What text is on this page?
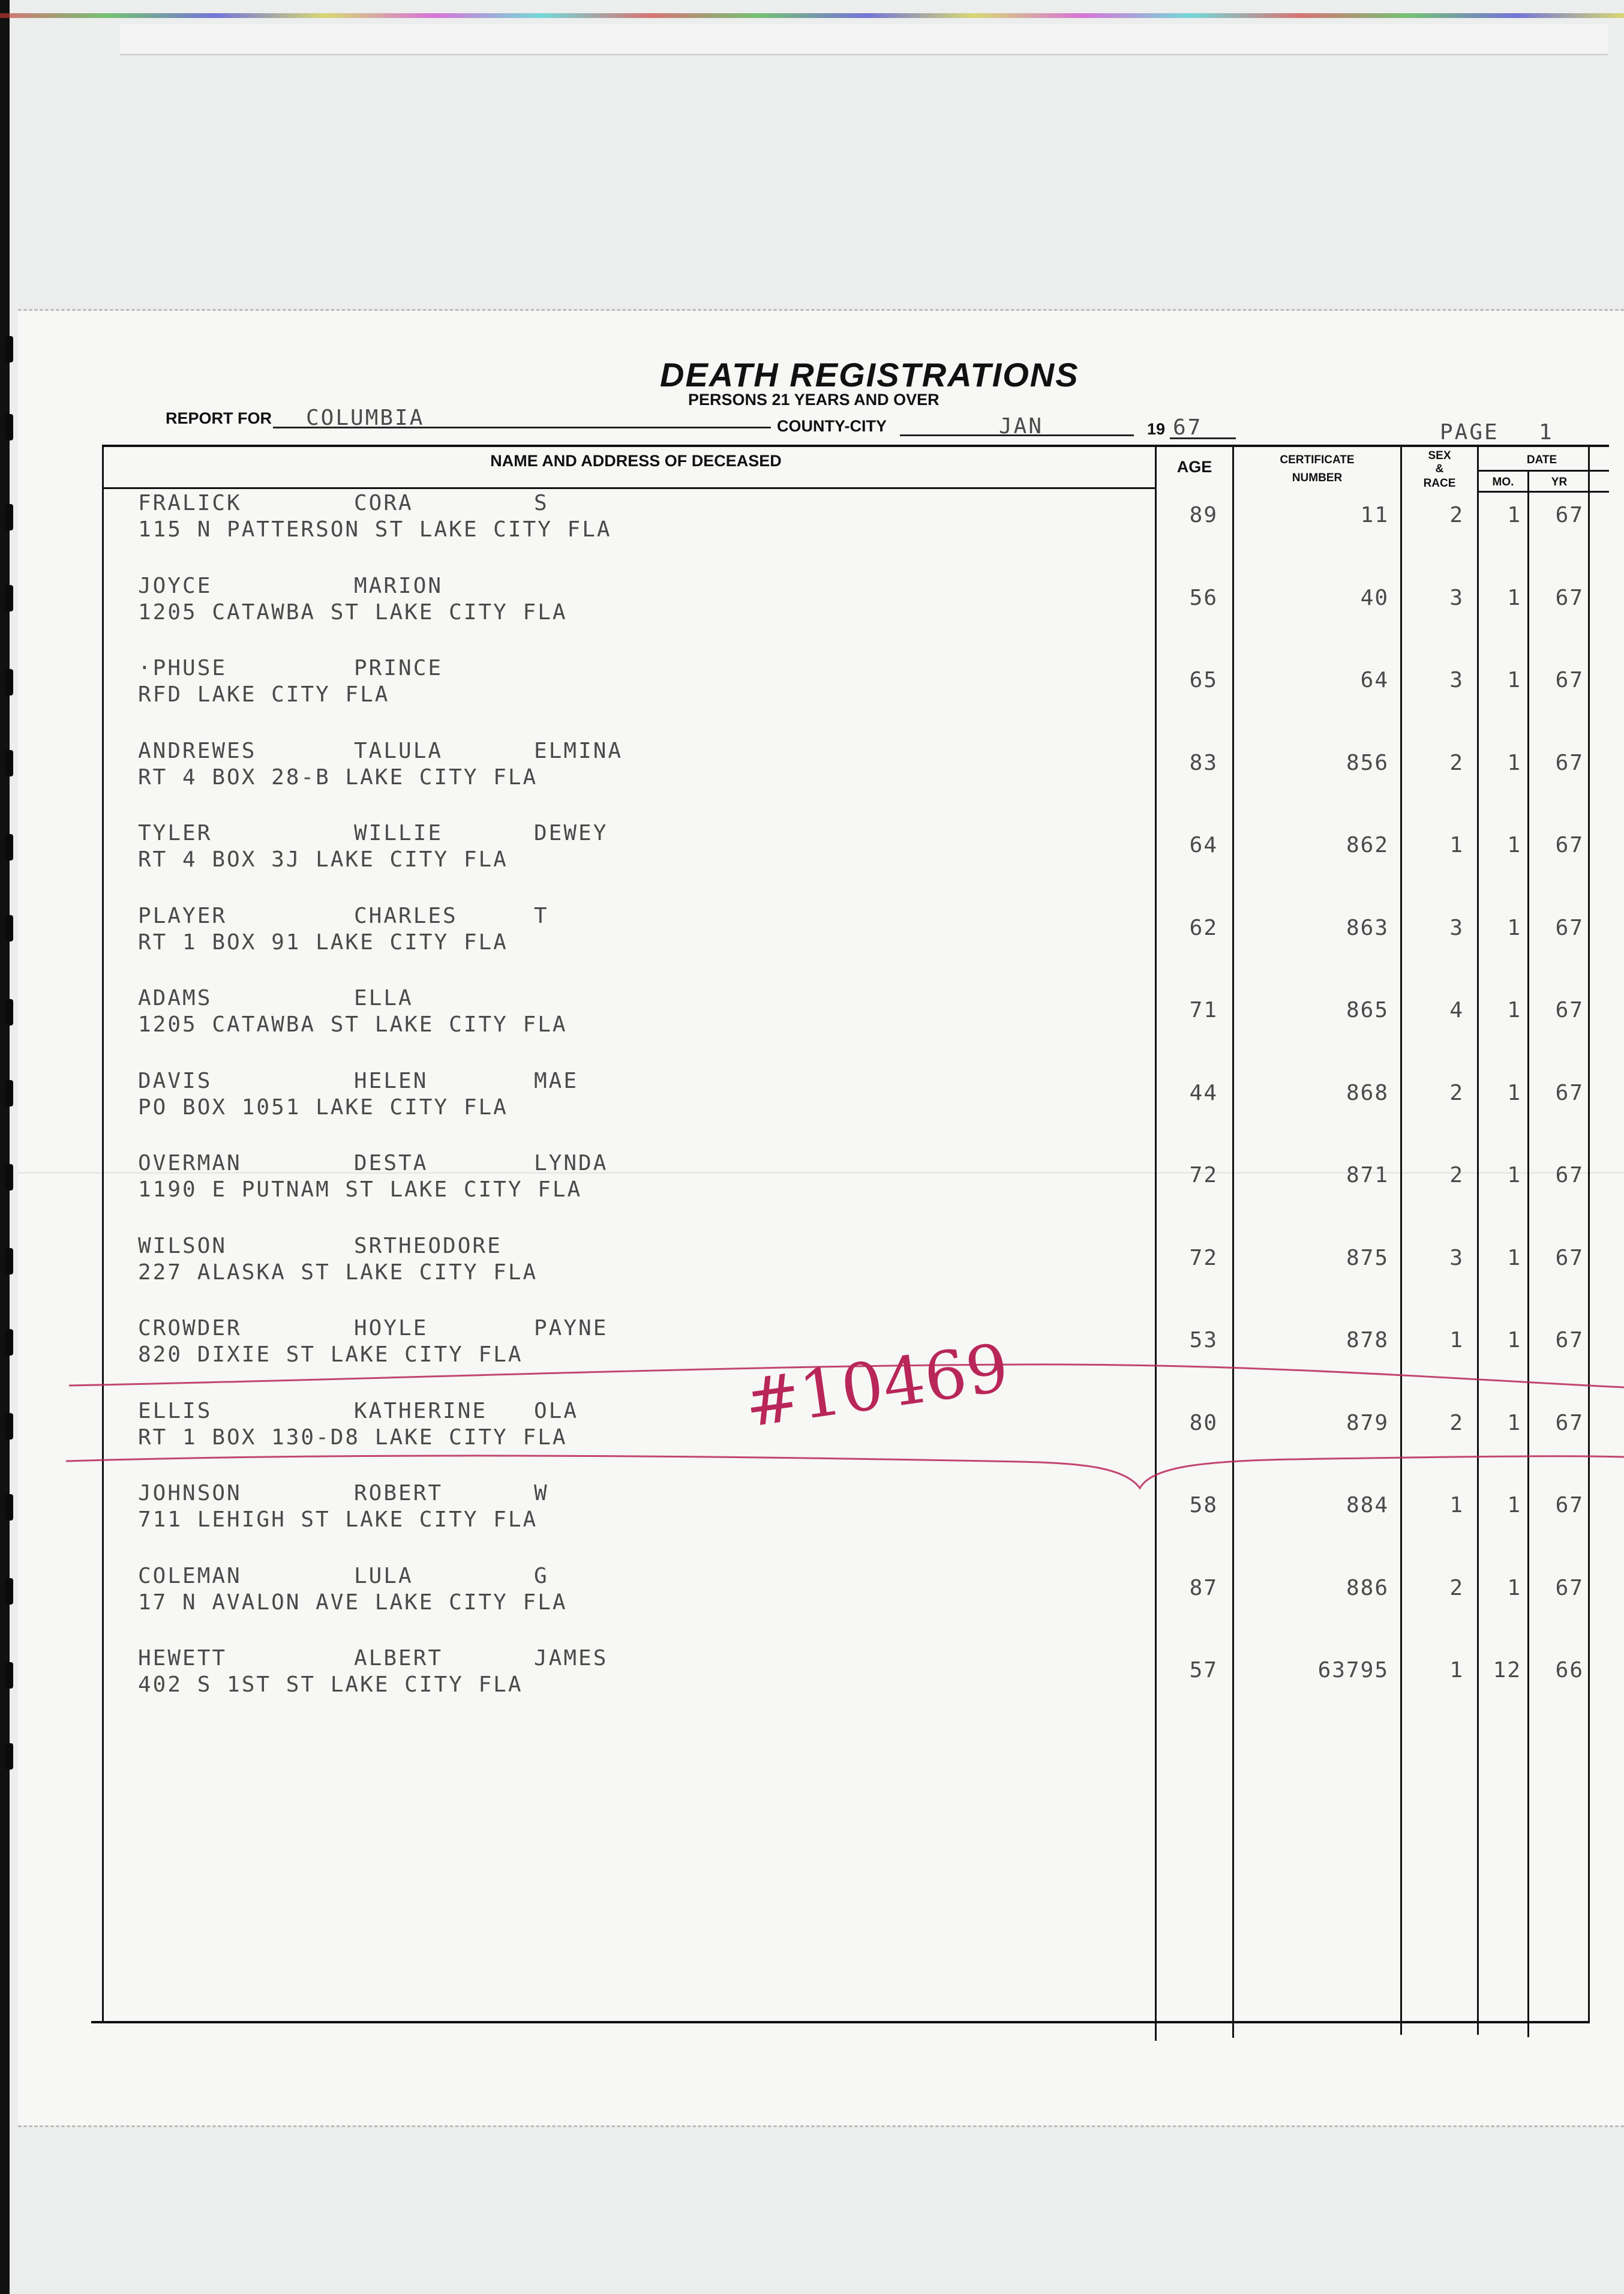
DEATH REGISTRATIONS
PERSONS 21 YEARS AND OVER
REPORT FOR COLUMBIA	COUNTY-CITY	JAN	19 67	PAGE 1
NAME AND ADDRESS OF DECEASED	AGE	CERTIFICATE
NUMBER
SEX
&
RACE
DATE
MO.	YR
FRALICK	CORA	S
115 N PATTERSON ST LAKE CITY FLA
89	11	2	1	67
JOYCE	MARION
1205 CATAWBA ST LAKE CITY FLA
56	40	3	1	67
·PHUSE	PRINCE
RFD LAKE CITY FLA
65	64	3	1	67
ANDREWES	TALULA	ELMINA
RT 4 BOX 28-B LAKE CITY FLA
83	856	2	1	67
TYLER	WILLIE	DEWEY
RT 4 BOX 3J LAKE CITY FLA
64	862	1	1	67
PLAYER	CHARLES	T
RT 1 BOX 91 LAKE CITY FLA
62	863	3	1	67
ADAMS	ELLA
1205 CATAWBA ST LAKE CITY FLA
71	865	4	1	67
DAVIS	HELEN	MAE
PO BOX 1051 LAKE CITY FLA
44	868	2	1	67
OVERMAN	DESTA	LYNDA
1190 E PUTNAM ST LAKE CITY FLA
72	871	2	1	67
WILSON	SRTHEODORE
227 ALASKA ST LAKE CITY FLA
72	875	3	1	67
CROWDER	HOYLE	PAYNE
820 DIXIE ST LAKE CITY FLA
53	878	1	1	67
ELLIS	KATHERINE OLA
RT 1 BOX 130-D8 LAKE CITY FLA
80	879	2	1	67
JOHNSON	ROBERT	W
711 LEHIGH ST LAKE CITY FLA
58	884	1	1	67
COLEMAN	LULA	G
17 N AVALON AVE LAKE CITY FLA
87	886	2	1	67
HEWETT	ALBERT	JAMES
402 S 1ST ST LAKE CITY FLA
57	63795	1	12	66
#10469
